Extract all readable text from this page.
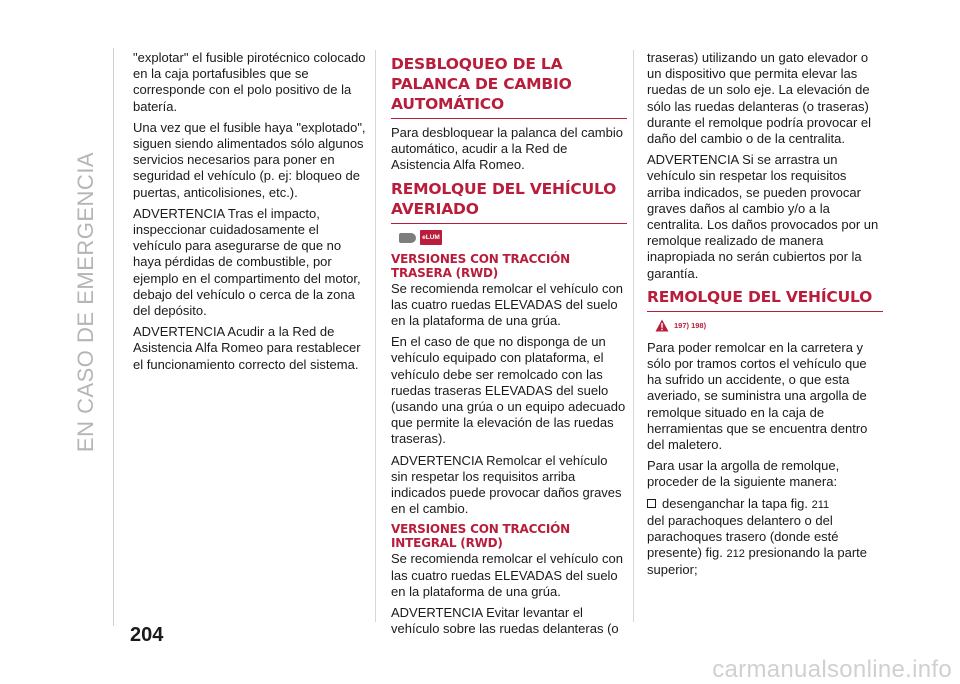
EN CASO DE EMERGENCIA

"explotar" el fusible pirotécnico colocado en la caja portafusibles que se corresponde con el polo positivo de la batería.

Una vez que el fusible haya "explotado", siguen siendo alimentados sólo algunos servicios necesarios para poner en seguridad el vehículo (p. ej: bloqueo de puertas, anticolisiones, etc.).

ADVERTENCIA Tras el impacto, inspeccionar cuidadosamente el vehículo para asegurarse de que no haya pérdidas de combustible, por ejemplo en el compartimento del motor, debajo del vehículo o cerca de la zona del depósito.

ADVERTENCIA Acudir a la Red de Asistencia Alfa Romeo para restablecer el funcionamiento correcto del sistema.

DESBLOQUEO DE LA PALANCA DE CAMBIO AUTOMÁTICO

Para desbloquear la palanca del cambio automático, acudir a la Red de Asistencia Alfa Romeo.

REMOLQUE DEL VEHÍCULO AVERIADO
eLUM
VERSIONES CON TRACCIÓN TRASERA (RWD)

Se recomienda remolcar el vehículo con las cuatro ruedas ELEVADAS del suelo en la plataforma de una grúa.

En el caso de que no disponga de un vehículo equipado con plataforma, el vehículo debe ser remolcado con las ruedas traseras ELEVADAS del suelo (usando una grúa o un equipo adecuado que permite la elevación de las ruedas traseras).

ADVERTENCIA Remolcar el vehículo sin respetar los requisitos arriba indicados puede provocar daños graves en el cambio.

VERSIONES CON TRACCIÓN INTEGRAL (RWD)

Se recomienda remolcar el vehículo con las cuatro ruedas ELEVADAS del suelo en la plataforma de una grúa.

ADVERTENCIA Evitar levantar el vehículo sobre las ruedas delanteras (o

traseras) utilizando un gato elevador o un dispositivo que permita elevar las ruedas de un solo eje. La elevación de sólo las ruedas delanteras (o traseras) durante el remolque podría provocar el daño del cambio o de la centralita.

ADVERTENCIA Si se arrastra un vehículo sin respetar los requisitos arriba indicados, se pueden provocar graves daños al cambio y/o a la centralita. Los daños provocados por un remolque realizado de manera inapropiada no serán cubiertos por la garantía.

REMOLQUE DEL VEHÍCULO
197) 198)

Para poder remolcar en la carretera y sólo por tramos cortos el vehículo que ha sufrido un accidente, o que esta averiado, se suministra una argolla de remolque situado en la caja de herramientas que se encuentra dentro del maletero.

Para usar la argolla de remolque, proceder de la siguiente manera:

desenganchar la tapa fig. 211
del parachoques delantero o del parachoques trasero (donde esté presente) fig. 212 presionando la parte superior;

204
carmanualsonline.info
